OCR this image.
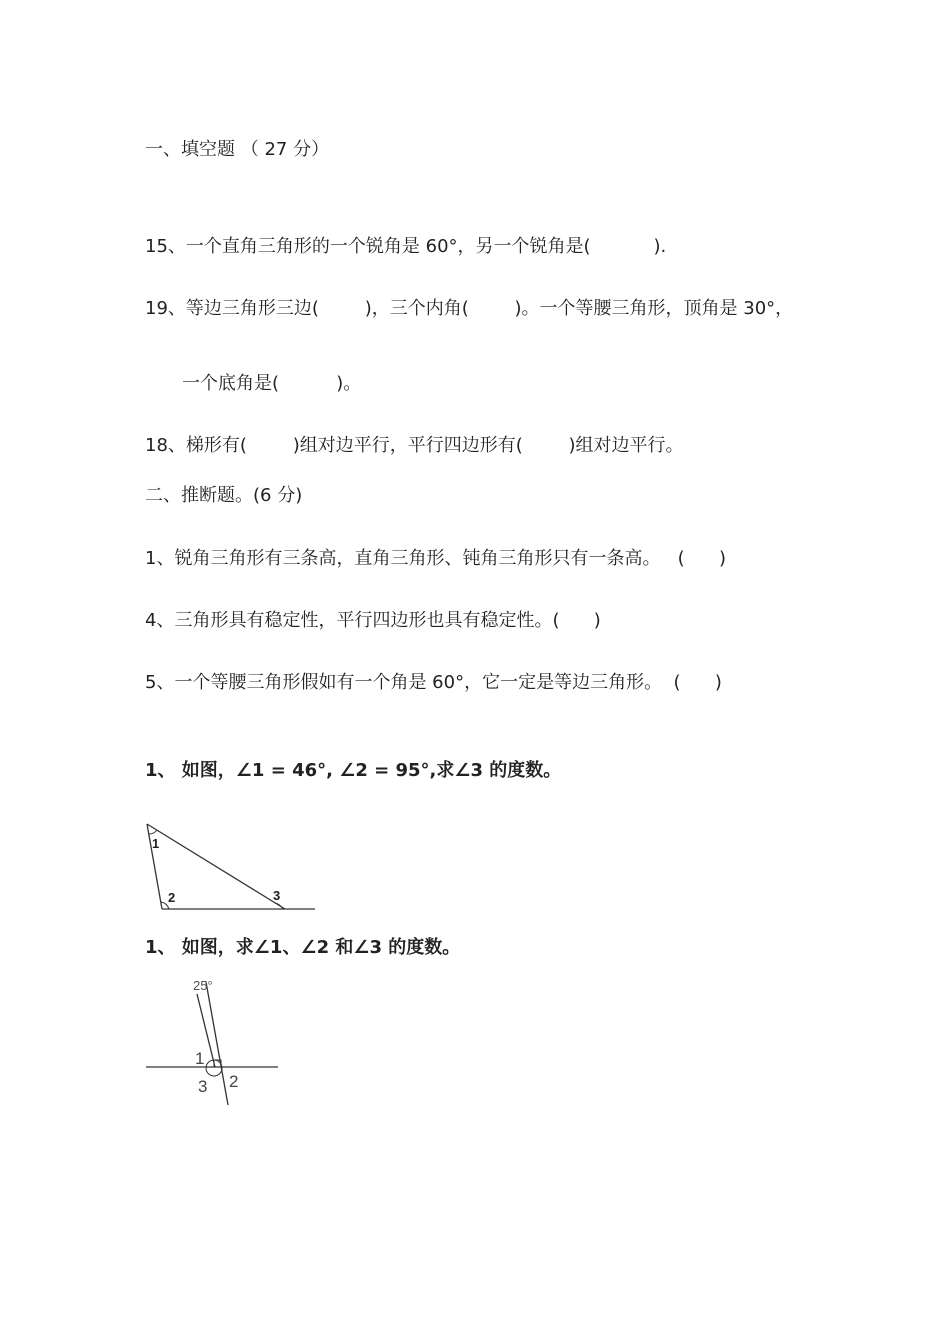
一、填空题 （ 27 分）
15、一个直角三角形的一个锐角是 60°，另一个锐角是(           ).
19、等边三角形三边(        )，三个内角(        )。一个等腰三角形，顶角是 30°，
一个底角是(          )。
18、梯形有(        )组对边平行，平行四边形有(        )组对边平行。
二、推断题。(6 分)
1、锐角三角形有三条高，直角三角形、钝角三角形只有一条高。   (      )
4、三角形具有稳定性，平行四边形也具有稳定性。(      )
5、一个等腰三角形假如有一个角是 60°，它一定是等边三角形。  (      )
1、 如图，∠1 = 46°, ∠2 = 95°,求∠3 的度数。
1
2	3
1、 如图，求∠1、∠2 和∠3 的度数。
25°
1
2
3
